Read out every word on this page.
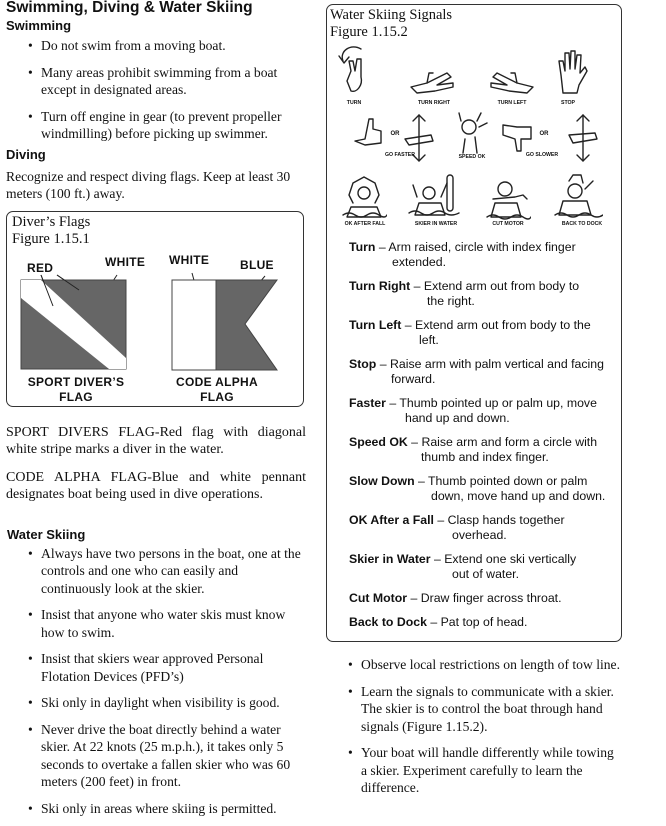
Swimming, Diving & Water Skiing
Swimming
• Do not swim from a moving boat.
• Many areas prohibit swimming from a boat except in designated areas.
• Turn off engine in gear (to prevent propeller windmilling) before picking up swimmer.
Diving

Recognize and respect diving flags. Keep at least 30 meters (100 ft.) away.

Diver’s Flags
Figure 1.15.1
RED	WHITE WHITE	BLUE
SPORT DIVER’S
FLAG
CODE ALPHA
FLAG

SPORT DIVERS FLAG-Red flag with diagonal white stripe marks a diver in the water.

CODE ALPHA FLAG-Blue and white pennant designates boat being used in dive operations.

Water Skiing
• Always have two persons in the boat, one at the controls and one who can easily and continuously look at the skier.
• Insist that anyone who water skis must know how to swim.
• Insist that skiers wear approved Personal Flotation Devices (PFD’s)
• Ski only in daylight when visibility is good.
• Never drive the boat directly behind a water skier. At 22 knots (25 m.p.h.), it takes only 5 seconds to overtake a fallen skier who was 60 meters (200 feet) in front.
• Ski only in areas where skiing is permitted.
Water Skiing Signals
Figure 1.15.2
TURN	TURN RIGHT	TURN LEFT	STOP
OR	OR
GO FASTER	SPEED OK	GO SLOWER
OK AFTER FALL	SKIER IN WATER	CUT MOTOR	BACK TO DOCK
Turn – Arm raised, circle with index finger
extended.
Turn Right – Extend arm out from body to
the right.
Turn Left – Extend arm out from body to the
left.
Stop – Raise arm with palm vertical and facing
forward.
Faster – Thumb pointed up or palm up, move
hand up and down.
Speed OK – Raise arm and form a circle with
thumb and index finger.
Slow Down – Thumb pointed down or palm
down, move hand up and down.
OK After a Fall – Clasp hands together
overhead.
Skier in Water – Extend one ski vertically
out of water.
Cut Motor – Draw finger across throat.
Back to Dock – Pat top of head.
• Observe local restrictions on length of tow line.
• Learn the signals to communicate with a skier. The skier is to control the boat through hand signals (Figure 1.15.2).
• Your boat will handle differently while towing a skier. Experiment carefully to learn the difference.
